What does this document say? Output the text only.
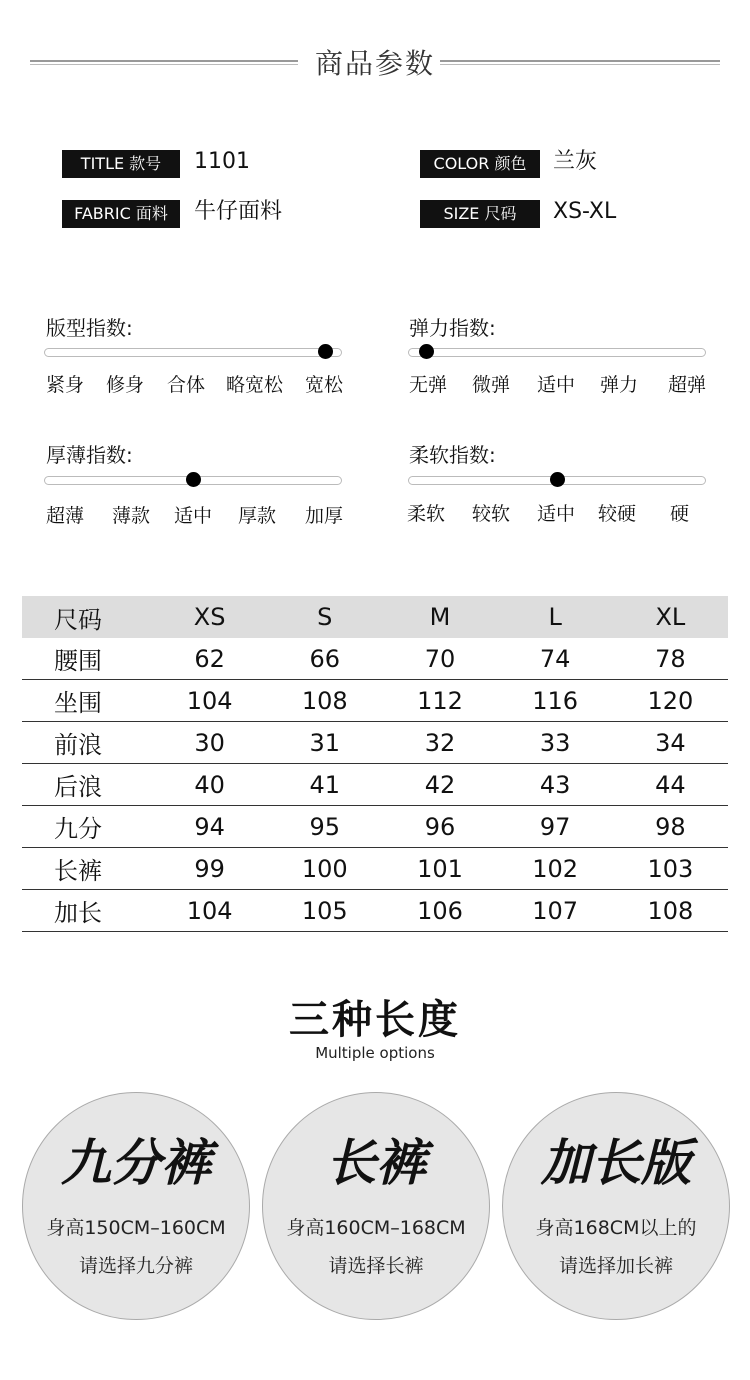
商品参数
TITLE 款号	1101	COLOR 颜色	兰灰
FABRIC 面料	牛仔面料	SIZE 尺码	XS-XL
版型指数:
紧身 修身 合体 略宽松 宽松
弹力指数:
无弹 微弹 适中 弹力 超弹
厚薄指数:
超薄 薄款 适中 厚款 加厚
柔软指数:
柔软 较软 适中 较硬 硬
尺码	XS	S	M	L	XL
腰围	62	66	70	74	78
坐围	104	108	112	116	120
前浪	30	31	32	33	34
后浪	40	41	42	43	44
九分	94	95	96	97	98
长裤	99	100	101	102	103
加长	104	105	106	107	108
三种长度
Multiple options
九分裤
身高150CM–160CM
请选择九分裤
长裤
身高160CM–168CM
请选择长裤
加长版
身高168CM以上的
请选择加长裤
